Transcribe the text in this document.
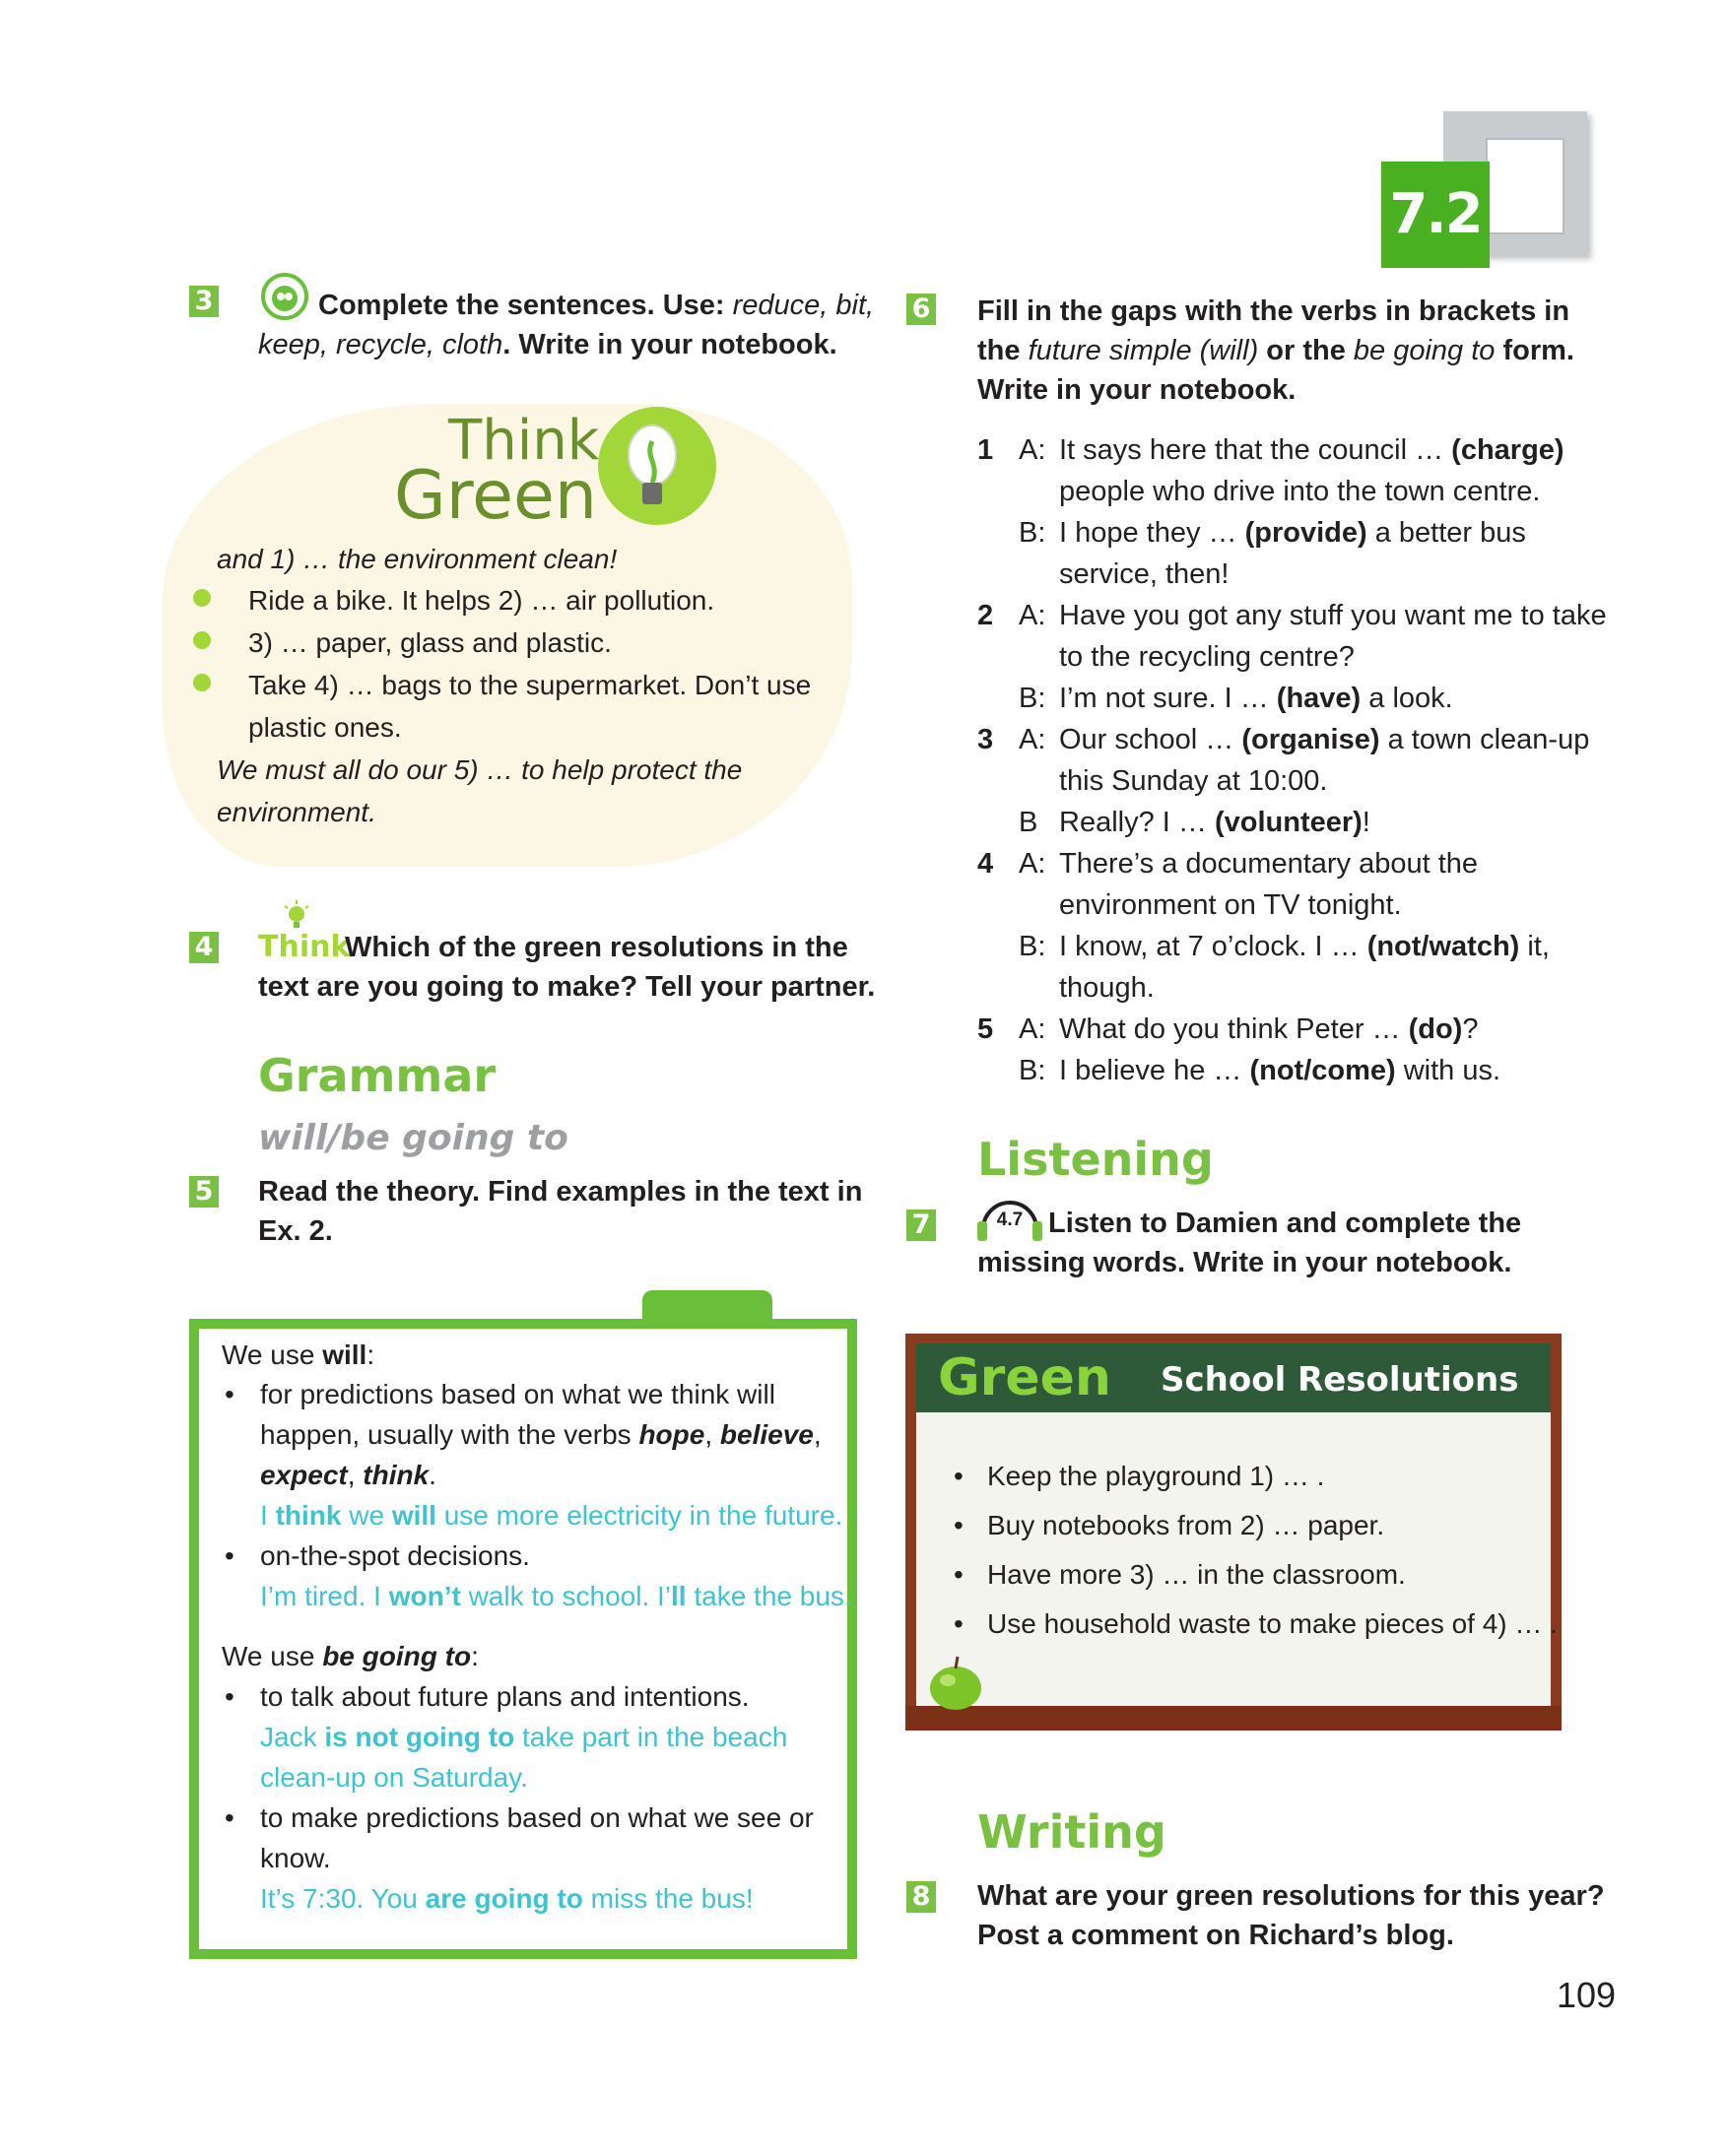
7.2
3	Complete the sentences. Use: reduce, bit,
keep, recycle, cloth. Write in your notebook.
Think
Green
and 1) … the environment clean!
Ride a bike. It helps 2) … air pollution.
3) … paper, glass and plastic.
Take 4) … bags to the supermarket. Don’t use
plastic ones.
We must all do our 5) … to help protect the
environment.
4 Think
Which of the green resolutions in the
text are you going to make? Tell your partner.
Grammar
will/be going to
5 Read the theory. Find examples in the text in
Ex. 2.
We use will:
• for predictions based on what we think will
happen, usually with the verbs hope, believe,
expect, think.
I think we will use more electricity in the future.
• on-the-spot decisions.
I’m tired. I won’t walk to school. I’ll take the bus.
We use be going to:
• to talk about future plans and intentions.
Jack is not going to take part in the beach
clean-up on Saturday.
• to make predictions based on what we see or
know.
It’s 7:30. You are going to miss the bus!
6 Fill in the gaps with the verbs in brackets in
the future simple (will) or the be going to form.
Write in your notebook.
1 A: It says here that the council … (charge)
people who drive into the town centre.
B: I hope they … (provide) a better bus
service, then!
2 A: Have you got any stuff you want me to take
to the recycling centre?
B: I’m not sure. I … (have) a look.
3 A: Our school … (organise) a town clean-up
this Sunday at 10:00.
B Really? I … (volunteer)!
4 A: There’s a documentary about the
environment on TV tonight.
B: I know, at 7 o’clock. I … (not/watch) it,
though.
5 A: What do you think Peter … (do)?
B: I believe he … (not/come) with us.
Listening
7	4.7 Listen to Damien and complete the
missing words. Write in your notebook.
Green School Resolutions
• Keep the playground 1) … .
• Buy notebooks from 2) … paper.
• Have more 3) … in the classroom.
• Use household waste to make pieces of 4) … .
Writing
8 What are your green resolutions for this year?
Post a comment on Richard’s blog.
109
